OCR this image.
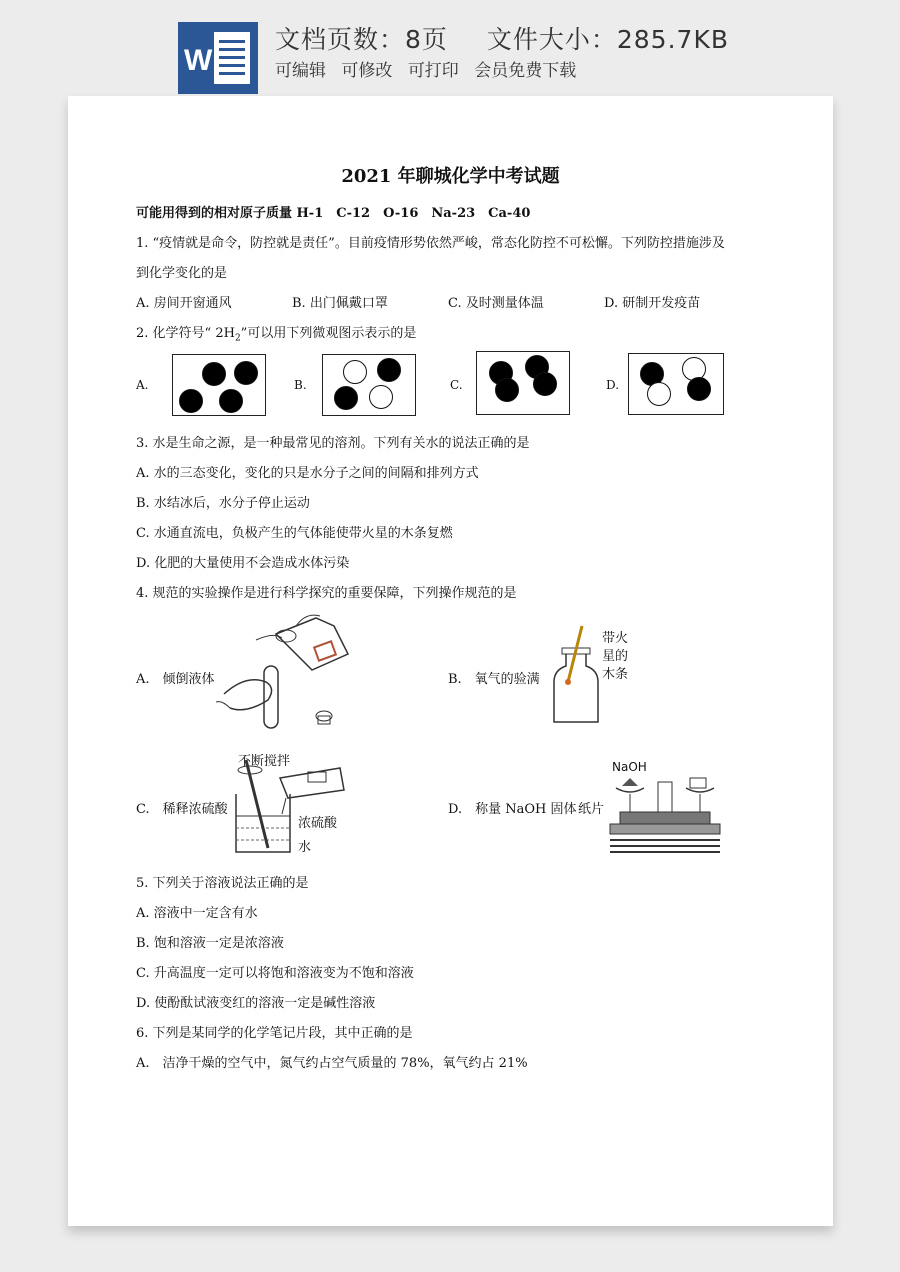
W
文档页数：8页 文件大小：285.7KB
可编辑 可修改 可打印 会员免费下载
2021 年聊城化学中考试题
可能用得到的相对原子质量 H-1　C-12　O-16　Na-23　Ca-40
1. “疫情就是命令，防控就是责任”。目前疫情形势依然严峻，常态化防控不可松懈。下列防控措施涉及
到化学变化的是
A. 房间开窗通风	B. 出门佩戴口罩	C. 及时测量体温	D. 研制开发疫苗
2. 化学符号“ $2H_2$”可以用下列微观图示表示的是
A.	B.	C.	D.
3. 水是生命之源，是一种最常见的溶剂。下列有关水的说法正确的是
A. 水的三态变化，变化的只是水分子之间的间隔和排列方式
B. 水结冰后，水分子停止运动
C. 水通直流电，负极产生的气体能使带火星的木条复燃
D. 化肥的大量使用不会造成水体污染
4. 规范的实验操作是进行科学探究的重要保障，下列操作规范的是
A.　倾倒液体	B.　氧气的验满
带火
星的
木条
C.　稀释浓硫酸
不断搅拌
浓硫酸
水
D.　称量 NaOH 固体
NaOH
纸片
5. 下列关于溶液说法正确的是
A. 溶液中一定含有水
B. 饱和溶液一定是浓溶液
C. 升高温度一定可以将饱和溶液变为不饱和溶液
D. 使酚酞试液变红的溶液一定是碱性溶液
6. 下列是某同学的化学笔记片段，其中正确的是
A.　洁净干燥的空气中，氮气约占空气质量的 78%，氧气约占 21%
